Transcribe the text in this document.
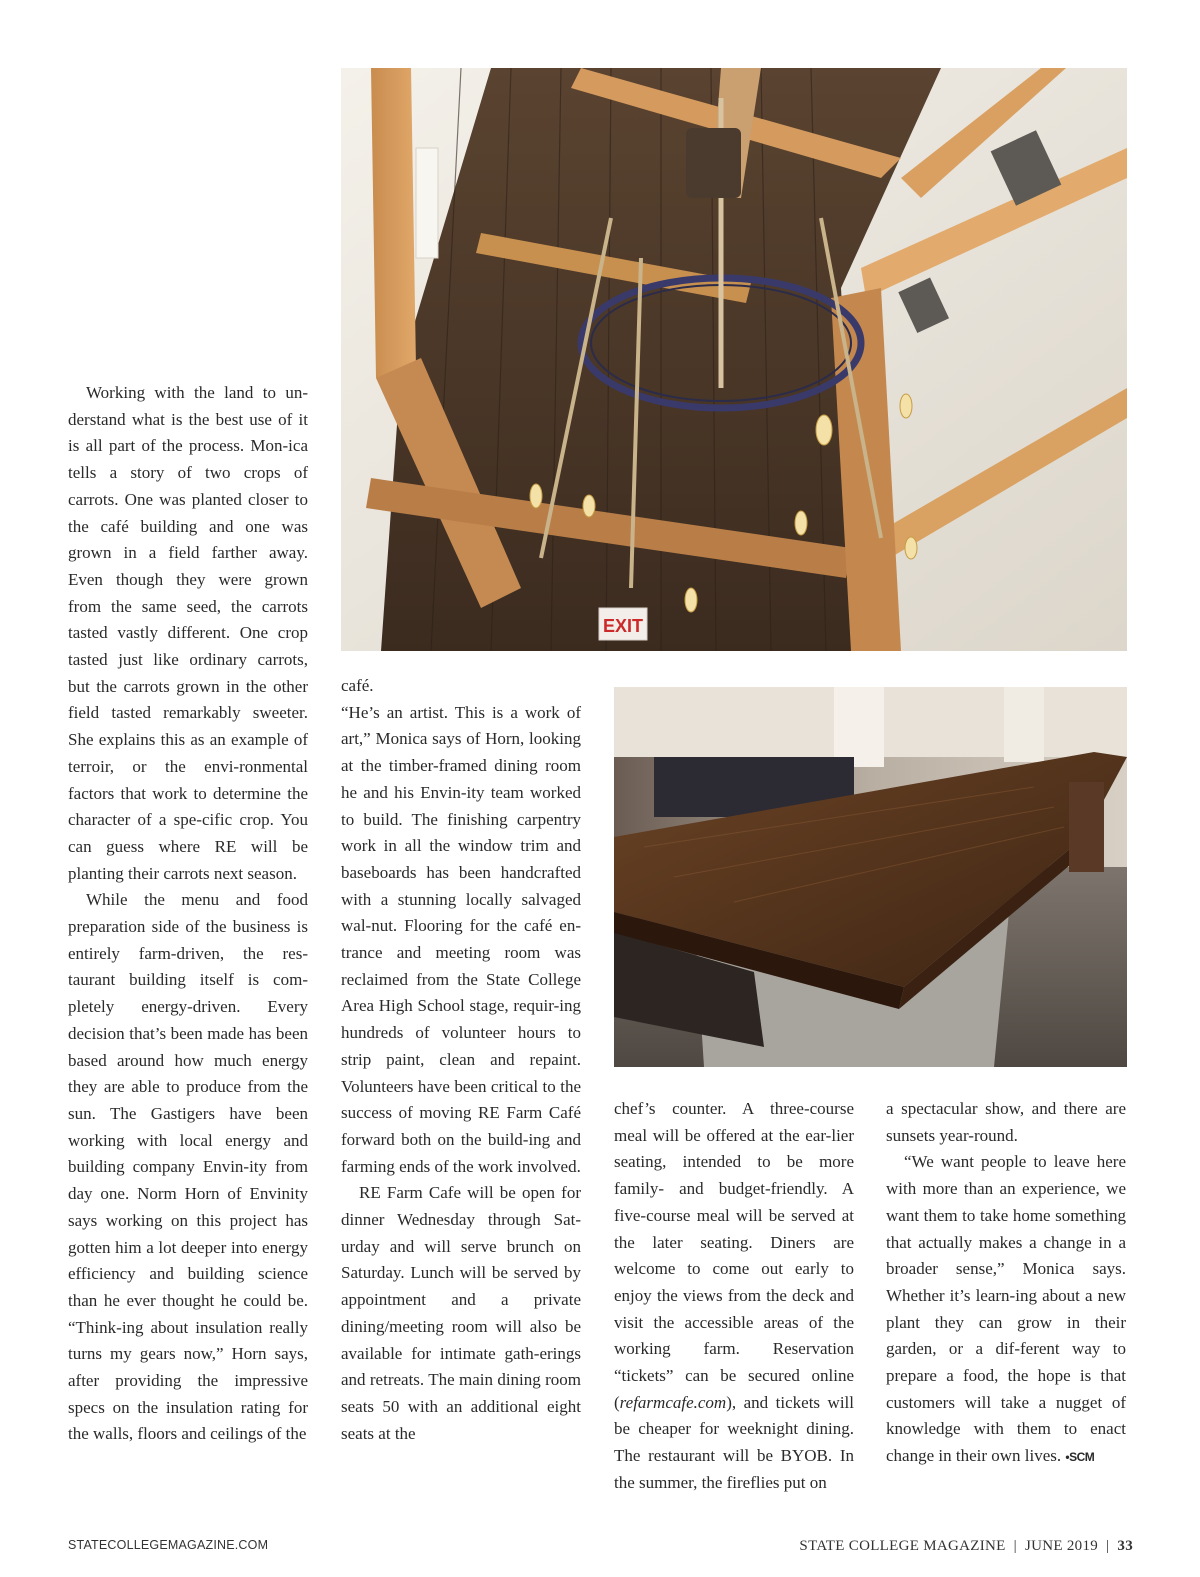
EXIT

Working with the land to un-derstand what is the best use of it is all part of the process. Mon-ica tells a story of two crops of carrots. One was planted closer to the café building and one was grown in a field farther away. Even though they were grown from the same seed, the carrots tasted vastly different. One crop tasted just like ordinary carrots, but the carrots grown in the other field tasted remarkably sweeter. She explains this as an example of terroir, or the envi-ronmental factors that work to determine the character of a spe-cific crop. You can guess where RE will be planting their carrots next season.

While the menu and food preparation side of the business is entirely farm-driven, the res-taurant building itself is com-pletely energy-driven. Every decision that’s been made has been based around how much energy they are able to produce from the sun. The Gastigers have been working with local energy and building company Envin-ity from day one. Norm Horn of Envinity says working on this project has gotten him a lot deeper into energy efficiency and building science than he ever thought he could be. “Think-ing about insulation really turns my gears now,” Horn says, after providing the impressive specs on the insulation rating for the walls, floors and ceilings of the

café.

“He’s an artist. This is a work of art,” Monica says of Horn, looking at the timber-framed dining room he and his Envin-ity team worked to build. The finishing carpentry work in all the window trim and baseboards has been handcrafted with a stunning locally salvaged wal-nut. Flooring for the café en-trance and meeting room was reclaimed from the State College Area High School stage, requir-ing hundreds of volunteer hours to strip paint, clean and repaint. Volunteers have been critical to the success of moving RE Farm Café forward both on the build-ing and farming ends of the work involved.

RE Farm Cafe will be open for dinner Wednesday through Sat-urday and will serve brunch on Saturday. Lunch will be served by appointment and a private dining/meeting room will also be available for intimate gath-erings and retreats. The main dining room seats 50 with an additional eight seats at the

chef’s counter. A three-course meal will be offered at the ear-lier seating, intended to be more family- and budget-friendly. A five-course meal will be served at the later seating. Diners are welcome to come out early to enjoy the views from the deck and visit the accessible areas of the working farm. Reservation “tickets” can be secured online (refarmcafe.com), and tickets will be cheaper for weeknight dining. The restaurant will be BYOB. In the summer, the fireflies put on

a spectacular show, and there are sunsets year-round.

“We want people to leave here with more than an experience, we want them to take home something that actually makes a change in a broader sense,” Monica says. Whether it’s learn-ing about a new plant they can grow in their garden, or a dif-ferent way to prepare a food, the hope is that customers will take a nugget of knowledge with them to enact change in their own lives. •SCM

STATECOLLEGEMAGAZINE.COM	STATE COLLEGE MAGAZINE | JUNE 2019 | 33
